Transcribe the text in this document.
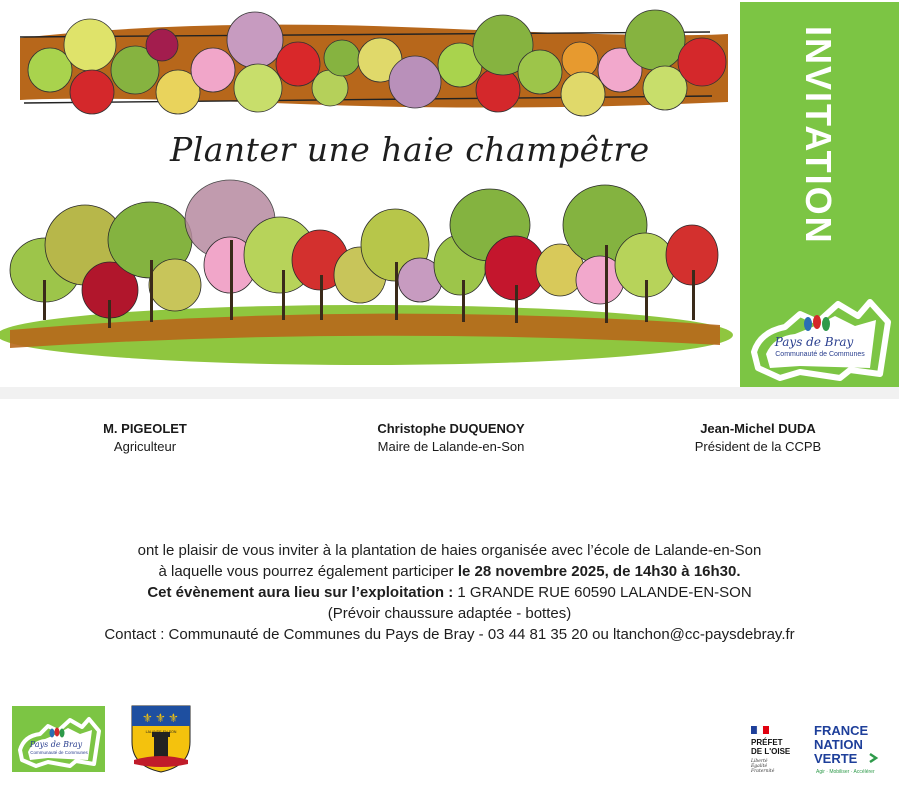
Planter une haie champêtre	INVITATION
Pays de Bray
Communauté de Communes
M. PIGEOLET
Agriculteur
Christophe DUQUENOY
Maire de Lalande-en-Son
Jean-Michel DUDA
Président de la CCPB
ont le plaisir de vous inviter à la plantation de haies organisée avec l’école de Lalande-en-Son
à laquelle vous pourrez également participer le 28 novembre 2025, de 14h30 à 16h30.
Cet évènement aura lieu sur l’exploitation : 1 GRANDE RUE 60590 LALANDE-EN-SON
(Prévoir chaussure adaptée - bottes)
Contact : Communauté de Communes du Pays de Bray - 03 44 81 35 20 ou ltanchon@cc-paysdebray.fr
Pays de Bray
Communauté de Communes
⚜ ⚜ ⚜
LALANDE-EN-SON
PRÉFET
DE L'OISE
Liberté
Égalité
Fraternité
FRANCE
NATION
VERTE
Agir · Mobiliser · Accélérer
